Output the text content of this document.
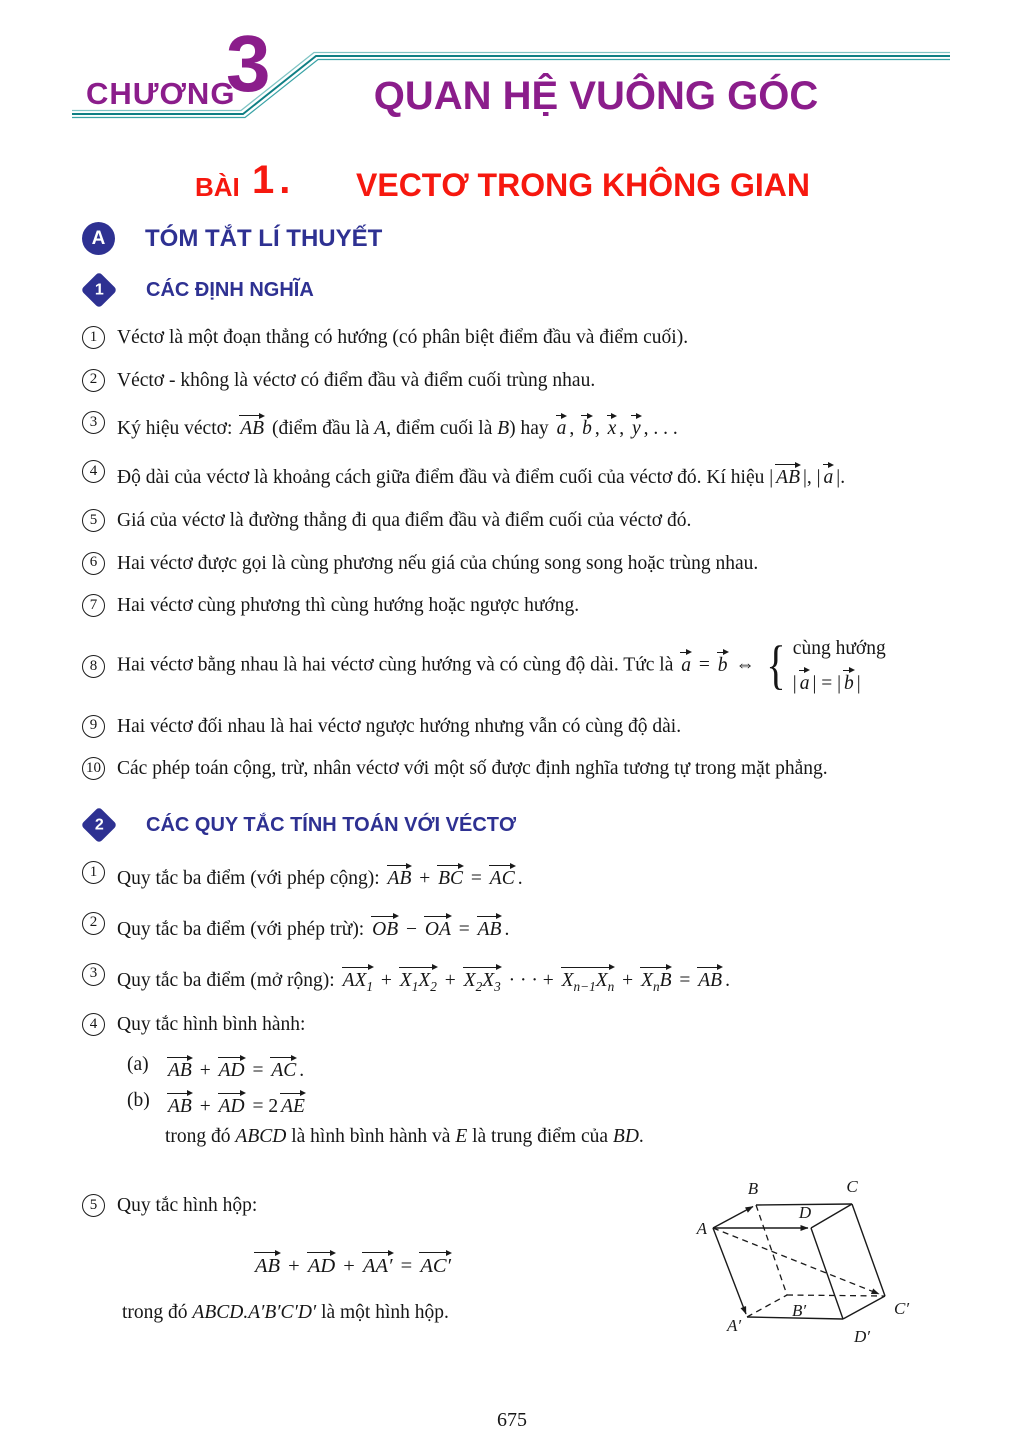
CHƯƠNG
3	QUAN HỆ VUÔNG GÓC
BÀI 1. VECTƠ TRONG KHÔNG GIAN
A	TÓM TẮT LÍ THUYẾT
1 CÁC ĐỊNH NGHĨA
1	Véctơ là một đoạn thẳng có hướng (có phân biệt điểm đầu và điểm cuối).
2	Véctơ - không là véctơ có điểm đầu và điểm cuối trùng nhau.
3	Ký hiệu véctơ:
AB (điểm đầu là A, điểm cuối là B) hay
a ,
b ,
x ,
y , . . .
4	Độ dài của véctơ là khoảng cách giữa điểm đầu và điểm cuối của véctơ đó. Kí hiệu | AB |, | a |.
5	Giá của véctơ là đường thẳng đi qua điểm đầu và điểm cuối của véctơ đó.
6	Hai véctơ được gọi là cùng phương nếu giá của chúng song song hoặc trùng nhau.
7	Hai véctơ cùng phương thì cùng hướng hoặc ngược hướng.
8	Hai véctơ bằng nhau là hai véctơ cùng hướng và có cùng độ dài. Tức là
a =
b ⇔ { cùng hướng
| a | = | b |
9	Hai véctơ đối nhau là hai véctơ ngược hướng nhưng vẫn có cùng độ dài.
10 Các phép toán cộng, trừ, nhân véctơ với một số được định nghĩa tương tự trong mặt phẳng.
2 CÁC QUY TẮC TÍNH TOÁN VỚI VÉCTƠ
1	Quy tắc ba điểm (với phép cộng):
AB +
BC =
AC .
2	Quy tắc ba điểm (với phép trừ):
OB −
OA =
AB .
3	Quy tắc ba điểm (mở rộng):
$AX_1$ +
$X_1X_2$ +
$X_2X_3$ · · · +
$X_{n-1}X_n$ +
$X_nB$ =
AB .
4	Quy tắc hình bình hành:
(a) AB +
AD =
AC .
(b) AB +
AD = 2 AE
trong đó ABCD là hình bình hành và E là trung điểm của BD.
5	Quy tắc hình hộp:
AB +
AD +
AA′ =
AC′
trong đó ABCD.A′B′C′D′ là một hình hộp.
A
B	C
D
A′
B′	C′
D′
675
